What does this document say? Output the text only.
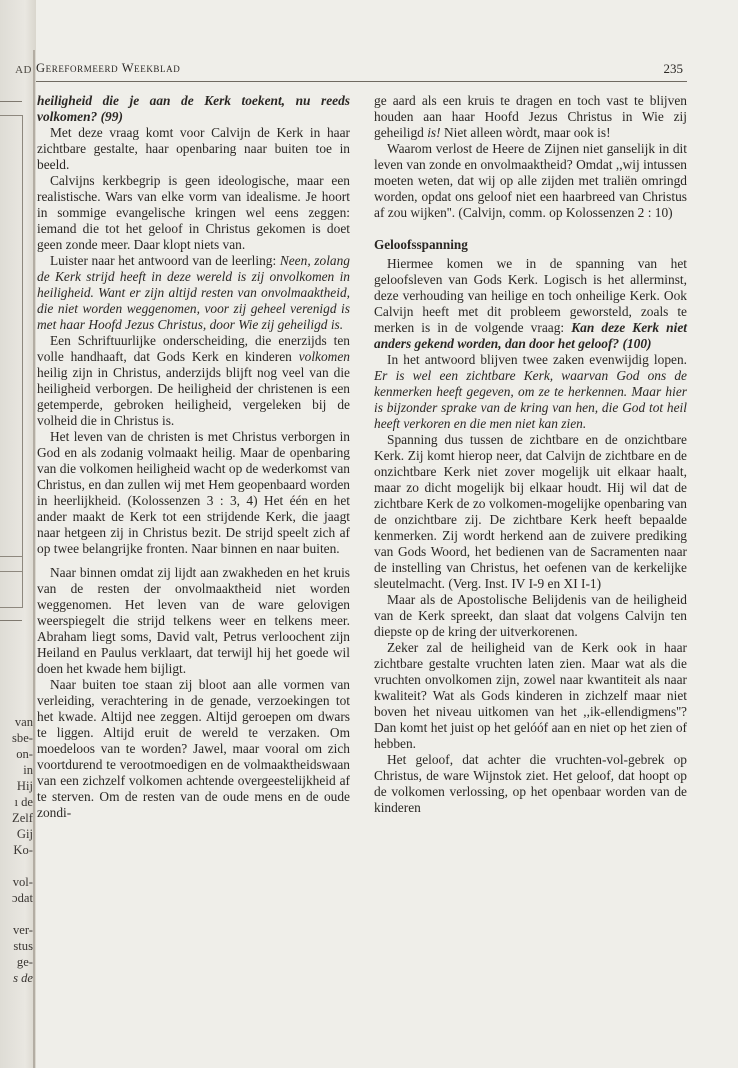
AD
van
sbe-
on-
in
Hij
ı de
Zelf
Gij
Ko-
vol-
ɔdat
ver-
stus
ge-
s de
Gereformeerd Weekblad	235

heiligheid die je aan de Kerk toekent, nu reeds volkomen? (99)

Met deze vraag komt voor Calvijn de Kerk in haar zichtbare gestalte, haar openbaring naar buiten toe in beeld.

Calvijns kerkbegrip is geen ideologische, maar een realistische. Wars van elke vorm van idealisme. Je hoort in sommige evangelische kringen wel eens zeggen: iemand die tot het geloof in Christus gekomen is doet geen zonde meer. Daar klopt niets van.

Luister naar het antwoord van de leerling: Neen, zolang de Kerk strijd heeft in deze wereld is zij onvolkomen in heiligheid. Want er zijn altijd resten van onvolmaaktheid, die niet worden weggenomen, voor zij geheel verenigd is met haar Hoofd Jezus Christus, door Wie zij geheiligd is.

Een Schriftuurlijke onderscheiding, die enerzijds ten volle handhaaft, dat Gods Kerk en kinderen volkomen heilig zijn in Christus, anderzijds blijft nog veel van die heiligheid verborgen. De heiligheid der christenen is een getemperde, gebroken heiligheid, vergeleken bij de volheid die in Christus is.

Het leven van de christen is met Christus verborgen in God en als zodanig volmaakt heilig. Maar de openbaring van die volkomen heiligheid wacht op de wederkomst van Christus, en dan zullen wij met Hem geopenbaard worden in heerlijkheid. (Kolossenzen 3 : 3, 4) Het één en het ander maakt de Kerk tot een strijdende Kerk, die jaagt naar hetgeen zij in Christus bezit. De strijd speelt zich af op twee belangrijke fronten. Naar binnen en naar buiten.

Naar binnen omdat zij lijdt aan zwakheden en het kruis van de resten der onvolmaaktheid niet worden weggenomen. Het leven van de ware gelovigen weerspiegelt die strijd telkens weer en telkens meer. Abraham liegt soms, David valt, Petrus verloochent zijn Heiland en Paulus verklaart, dat terwijl hij het goede wil doen het kwade hem bijligt.

Naar buiten toe staan zij bloot aan alle vormen van verleiding, verachtering in de genade, verzoekingen tot het kwade. Altijd nee zeggen. Altijd geroepen om dwars te liggen. Altijd eruit de wereld te verzaken. Om moedeloos van te worden? Jawel, maar vooral om zich voortdurend te verootmoedigen en de volmaaktheidswaan van een zichzelf volkomen achtende overgeestelijkheid af te sterven. Om de resten van de oude mens en de oude zondi-

ge aard als een kruis te dragen en toch vast te blijven houden aan haar Hoofd Jezus Christus in Wie zij geheiligd is! Niet alleen wòrdt, maar ook is!

Waarom verlost de Heere de Zijnen niet ganselijk in dit leven van zonde en onvolmaaktheid? Omdat ,,wij intussen moeten weten, dat wij op alle zijden met traliën omringd worden, opdat ons geloof niet een haarbreed van Christus af zou wijken''. (Calvijn, comm. op Kolossenzen 2 : 10)

Geloofsspanning

Hiermee komen we in de spanning van het geloofsleven van Gods Kerk. Logisch is het allerminst, deze verhouding van heilige en toch onheilige Kerk. Ook Calvijn heeft met dit probleem geworsteld, zoals te merken is in de volgende vraag: Kan deze Kerk niet anders gekend worden, dan door het geloof? (100)

In het antwoord blijven twee zaken evenwijdig lopen. Er is wel een zichtbare Kerk, waarvan God ons de kenmerken heeft gegeven, om ze te herkennen. Maar hier is bijzonder sprake van de kring van hen, die God tot heil heeft verkoren en die men niet kan zien.

Spanning dus tussen de zichtbare en de onzichtbare Kerk. Zij komt hierop neer, dat Calvijn de zichtbare en de onzichtbare Kerk niet zover mogelijk uit elkaar haalt, maar zo dicht mogelijk bij elkaar houdt. Hij wil dat de zichtbare Kerk de zo volkomen-mogelijke openbaring van de onzichtbare zij. De zichtbare Kerk heeft bepaalde kenmerken. Zij wordt herkend aan de zuivere prediking van Gods Woord, het bedienen van de Sacramenten naar de instelling van Christus, het oefenen van de kerkelijke sleutelmacht. (Verg. Inst. IV I-9 en XI I-1)

Maar als de Apostolische Belijdenis van de heiligheid van de Kerk spreekt, dan slaat dat volgens Calvijn ten diepste op de kring der uitverkorenen.

Zeker zal de heiligheid van de Kerk ook in haar zichtbare gestalte vruchten laten zien. Maar wat als die vruchten onvolkomen zijn, zowel naar kwantiteit als naar kwaliteit? Wat als Gods kinderen in zichzelf maar niet boven het niveau uitkomen van het ,,ik-ellendigmens''? Dan komt het juist op het gelóóf aan en niet op het zien of hebben.

Het geloof, dat achter die vruchten-vol-gebrek op Christus, de ware Wijnstok ziet. Het geloof, dat hoopt op de volkomen verlossing, op het openbaar worden van de kinderen
